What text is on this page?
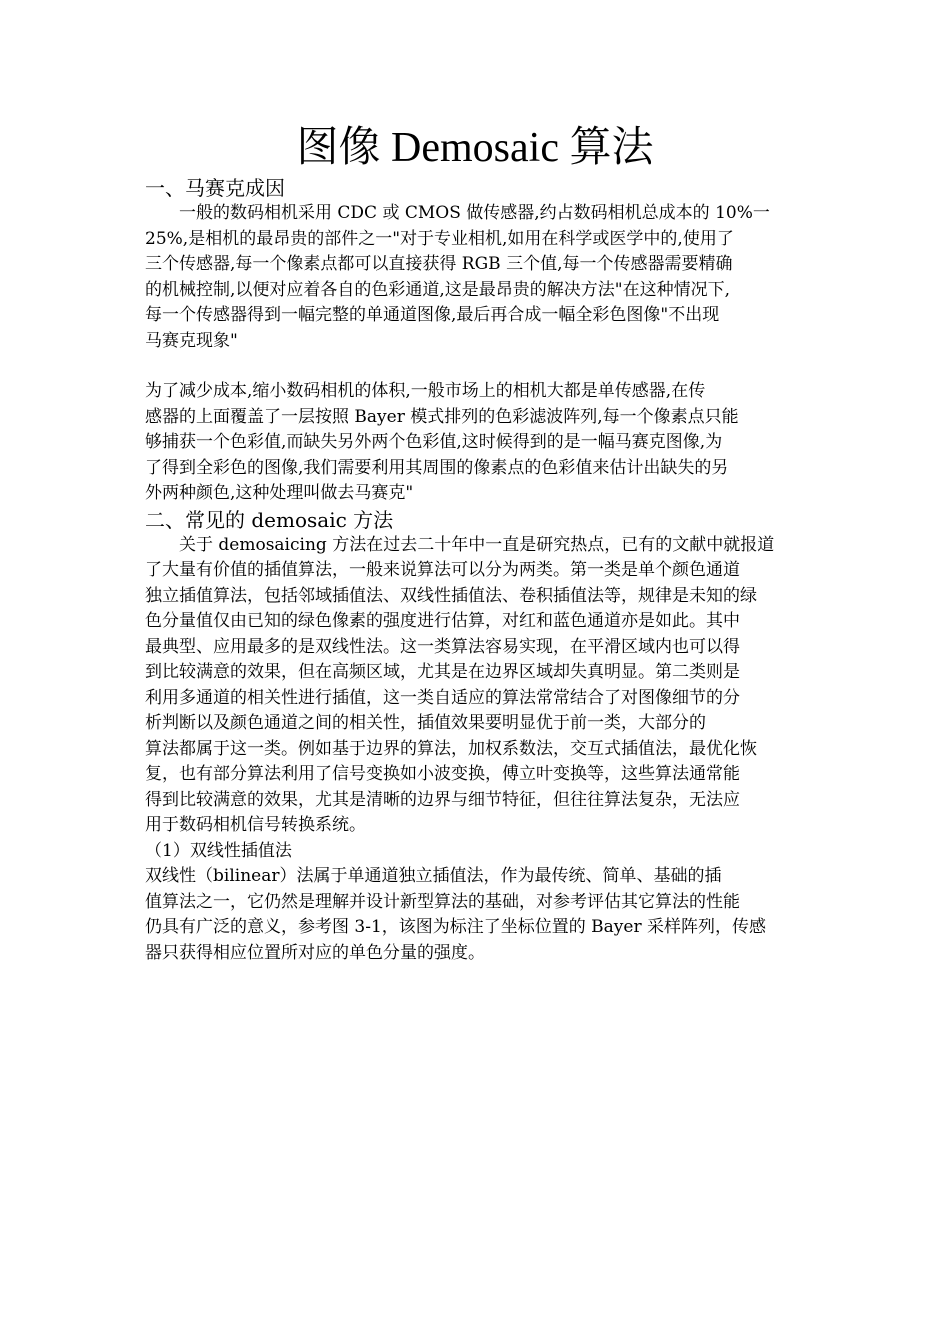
图像 Demosaic 算法
一、马赛克成因
一般的数码相机采用 CDC 或 CMOS 做传感器,约占数码相机总成本的 10%一
25%,是相机的最昂贵的部件之一"对于专业相机,如用在科学或医学中的,使用了
三个传感器,每一个像素点都可以直接获得 RGB 三个值,每一个传感器需要精确
的机械控制,以便对应着各自的色彩通道,这是最昂贵的解决方法"在这种情况下,
每一个传感器得到一幅完整的单通道图像,最后再合成一幅全彩色图像"不出现
马赛克现象"
为了减少成本,缩小数码相机的体积,一般市场上的相机大都是单传感器,在传
感器的上面覆盖了一层按照 Bayer 模式排列的色彩滤波阵列,每一个像素点只能
够捕获一个色彩值,而缺失另外两个色彩值,这时候得到的是一幅马赛克图像,为
了得到全彩色的图像,我们需要利用其周围的像素点的色彩值来估计出缺失的另
外两种颜色,这种处理叫做去马赛克"
二、常见的 demosaic 方法
关于 demosaicing 方法在过去二十年中一直是研究热点，已有的文献中就报道
了大量有价值的插值算法，一般来说算法可以分为两类。第一类是单个颜色通道
独立插值算法，包括邻域插值法、双线性插值法、卷积插值法等，规律是未知的绿
色分量值仅由已知的绿色像素的强度进行估算，对红和蓝色通道亦是如此。其中
最典型、应用最多的是双线性法。这一类算法容易实现，在平滑区域内也可以得
到比较满意的效果，但在高频区域，尤其是在边界区域却失真明显。第二类则是
利用多通道的相关性进行插值，这一类自适应的算法常常结合了对图像细节的分
析判断以及颜色通道之间的相关性，插值效果要明显优于前一类，大部分的
算法都属于这一类。例如基于边界的算法，加权系数法，交互式插值法，最优化恢
复，也有部分算法利用了信号变换如小波变换，傅立叶变换等，这些算法通常能
得到比较满意的效果，尤其是清晰的边界与细节特征，但往往算法复杂，无法应
用于数码相机信号转换系统。
（1）双线性插值法
双线性（bilinear）法属于单通道独立插值法，作为最传统、简单、基础的插
值算法之一，它仍然是理解并设计新型算法的基础，对参考评估其它算法的性能
仍具有广泛的意义，参考图 3-1，该图为标注了坐标位置的 Bayer 采样阵列，传感
器只获得相应位置所对应的单色分量的强度。
